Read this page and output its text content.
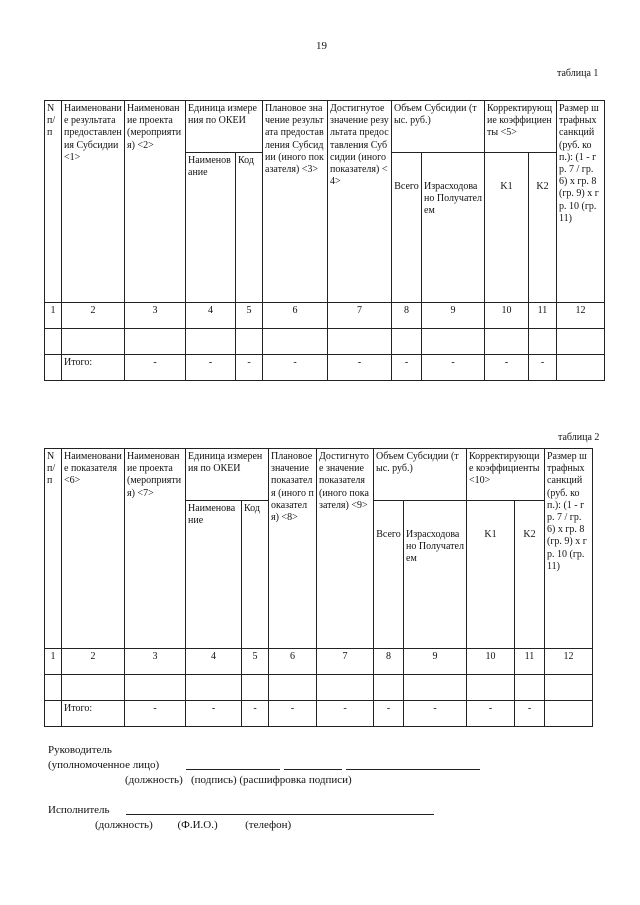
19
таблица 1
N п/п	Наименование результата предоставления Субсидии <1>	Наименование проекта (мероприятия) <2>	Единица измерения по ОКЕИ		Плановое значение результата предоставления Субсидии (иного показателя) <3>	Достигнутое значение результата предоставления Субсидии (иного показателя) <4>	Объем Субсидии (тыс. руб.)		Корректирующие коэффициенты <5>		Размер штрафных санкций (руб. коп.): (1 - гр. 7 / гр. 6) x гр. 8 (гр. 9) x гр. 10 (гр. 11)
			Наименование	Код			Всего	Израсходовано Получателем	K1	K2	
1	2	3	4	5	6	7	8	9	10	11	12

	Итого:	-	-	-	-	-	-	-	-	-	
таблица 2
N п/п	Наименование показателя <6>	Наименование проекта (мероприятия) <7>	Единица измерения по ОКЕИ		Плановое значение показателя (иного показателя) <8>	Достигнутое значение показателя (иного показателя) <9>	Объем Субсидии (тыс. руб.)		Корректирующие коэффициенты <10>		Размер штрафных санкций (руб. коп.): (1 - гр. 7 / гр. 6) x гр. 8 (гр. 9) x гр. 10 (гр. 11)
			Наименование	Код			Всего	Израсходовано Получателем	K1	K2	
1	2	3	4	5	6	7	8	9	10	11	12

	Итого:	-	-	-	-	-	-	-	-	-	
Руководитель
(уполномоченное лицо)
(должность)   (подпись) (расшифровка подписи)
Исполнитель
(должность)         (Ф.И.О.)          (телефон)
